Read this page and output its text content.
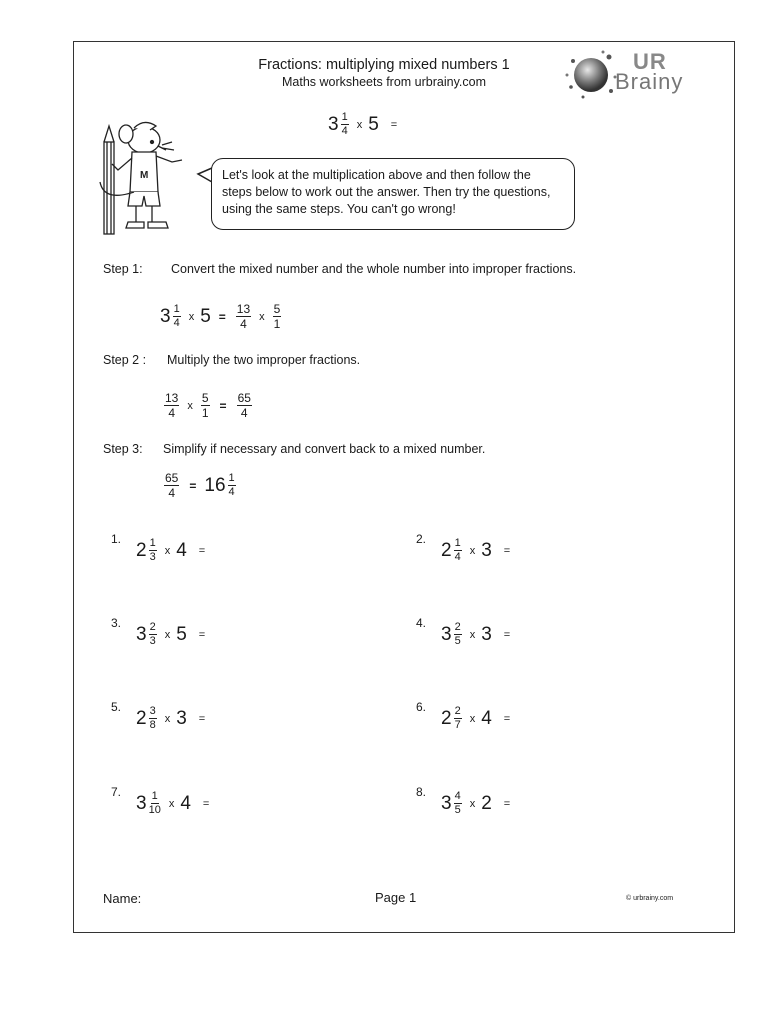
Fractions: multiplying mixed numbers 1
Maths worksheets from urbrainy.com
UR
Brainy
$3 \frac{1}{4}$ x 5 =
M	Let's look at the multiplication above and then follow the steps below to work out the answer. Then try the questions, using the same steps. You can't go wrong!
Step 1: Convert the mixed number and the whole number into improper fractions.
$3 \frac{1}{4}$ x $5 = \frac{13}{4}$ x $\frac{5}{1}$
Step 2 : Multiply the two improper fractions.
$\frac{13}{4}$ x $\frac{5}{1} = \frac{65}{4}$
Step 3: Simplify if necessary and convert back to a mixed number.
$\frac{65}{4} = 16 \frac{1}{4}$
1.
$2 \frac{1}{3}$ x 4 =
2.
$2 \frac{1}{4}$ x 3 =
3.
$3 \frac{2}{3}$ x 5 =
4.
$3 \frac{2}{5}$ x 3 =
5.
$2 \frac{3}{8}$ x 3 =
6.
$2 \frac{2}{7}$ x 4 =
7.
$3 \frac{1}{10}$ x 4 =
8.
$3 \frac{4}{5}$ x 2 =
Name:	Page 1	© urbrainy.com
